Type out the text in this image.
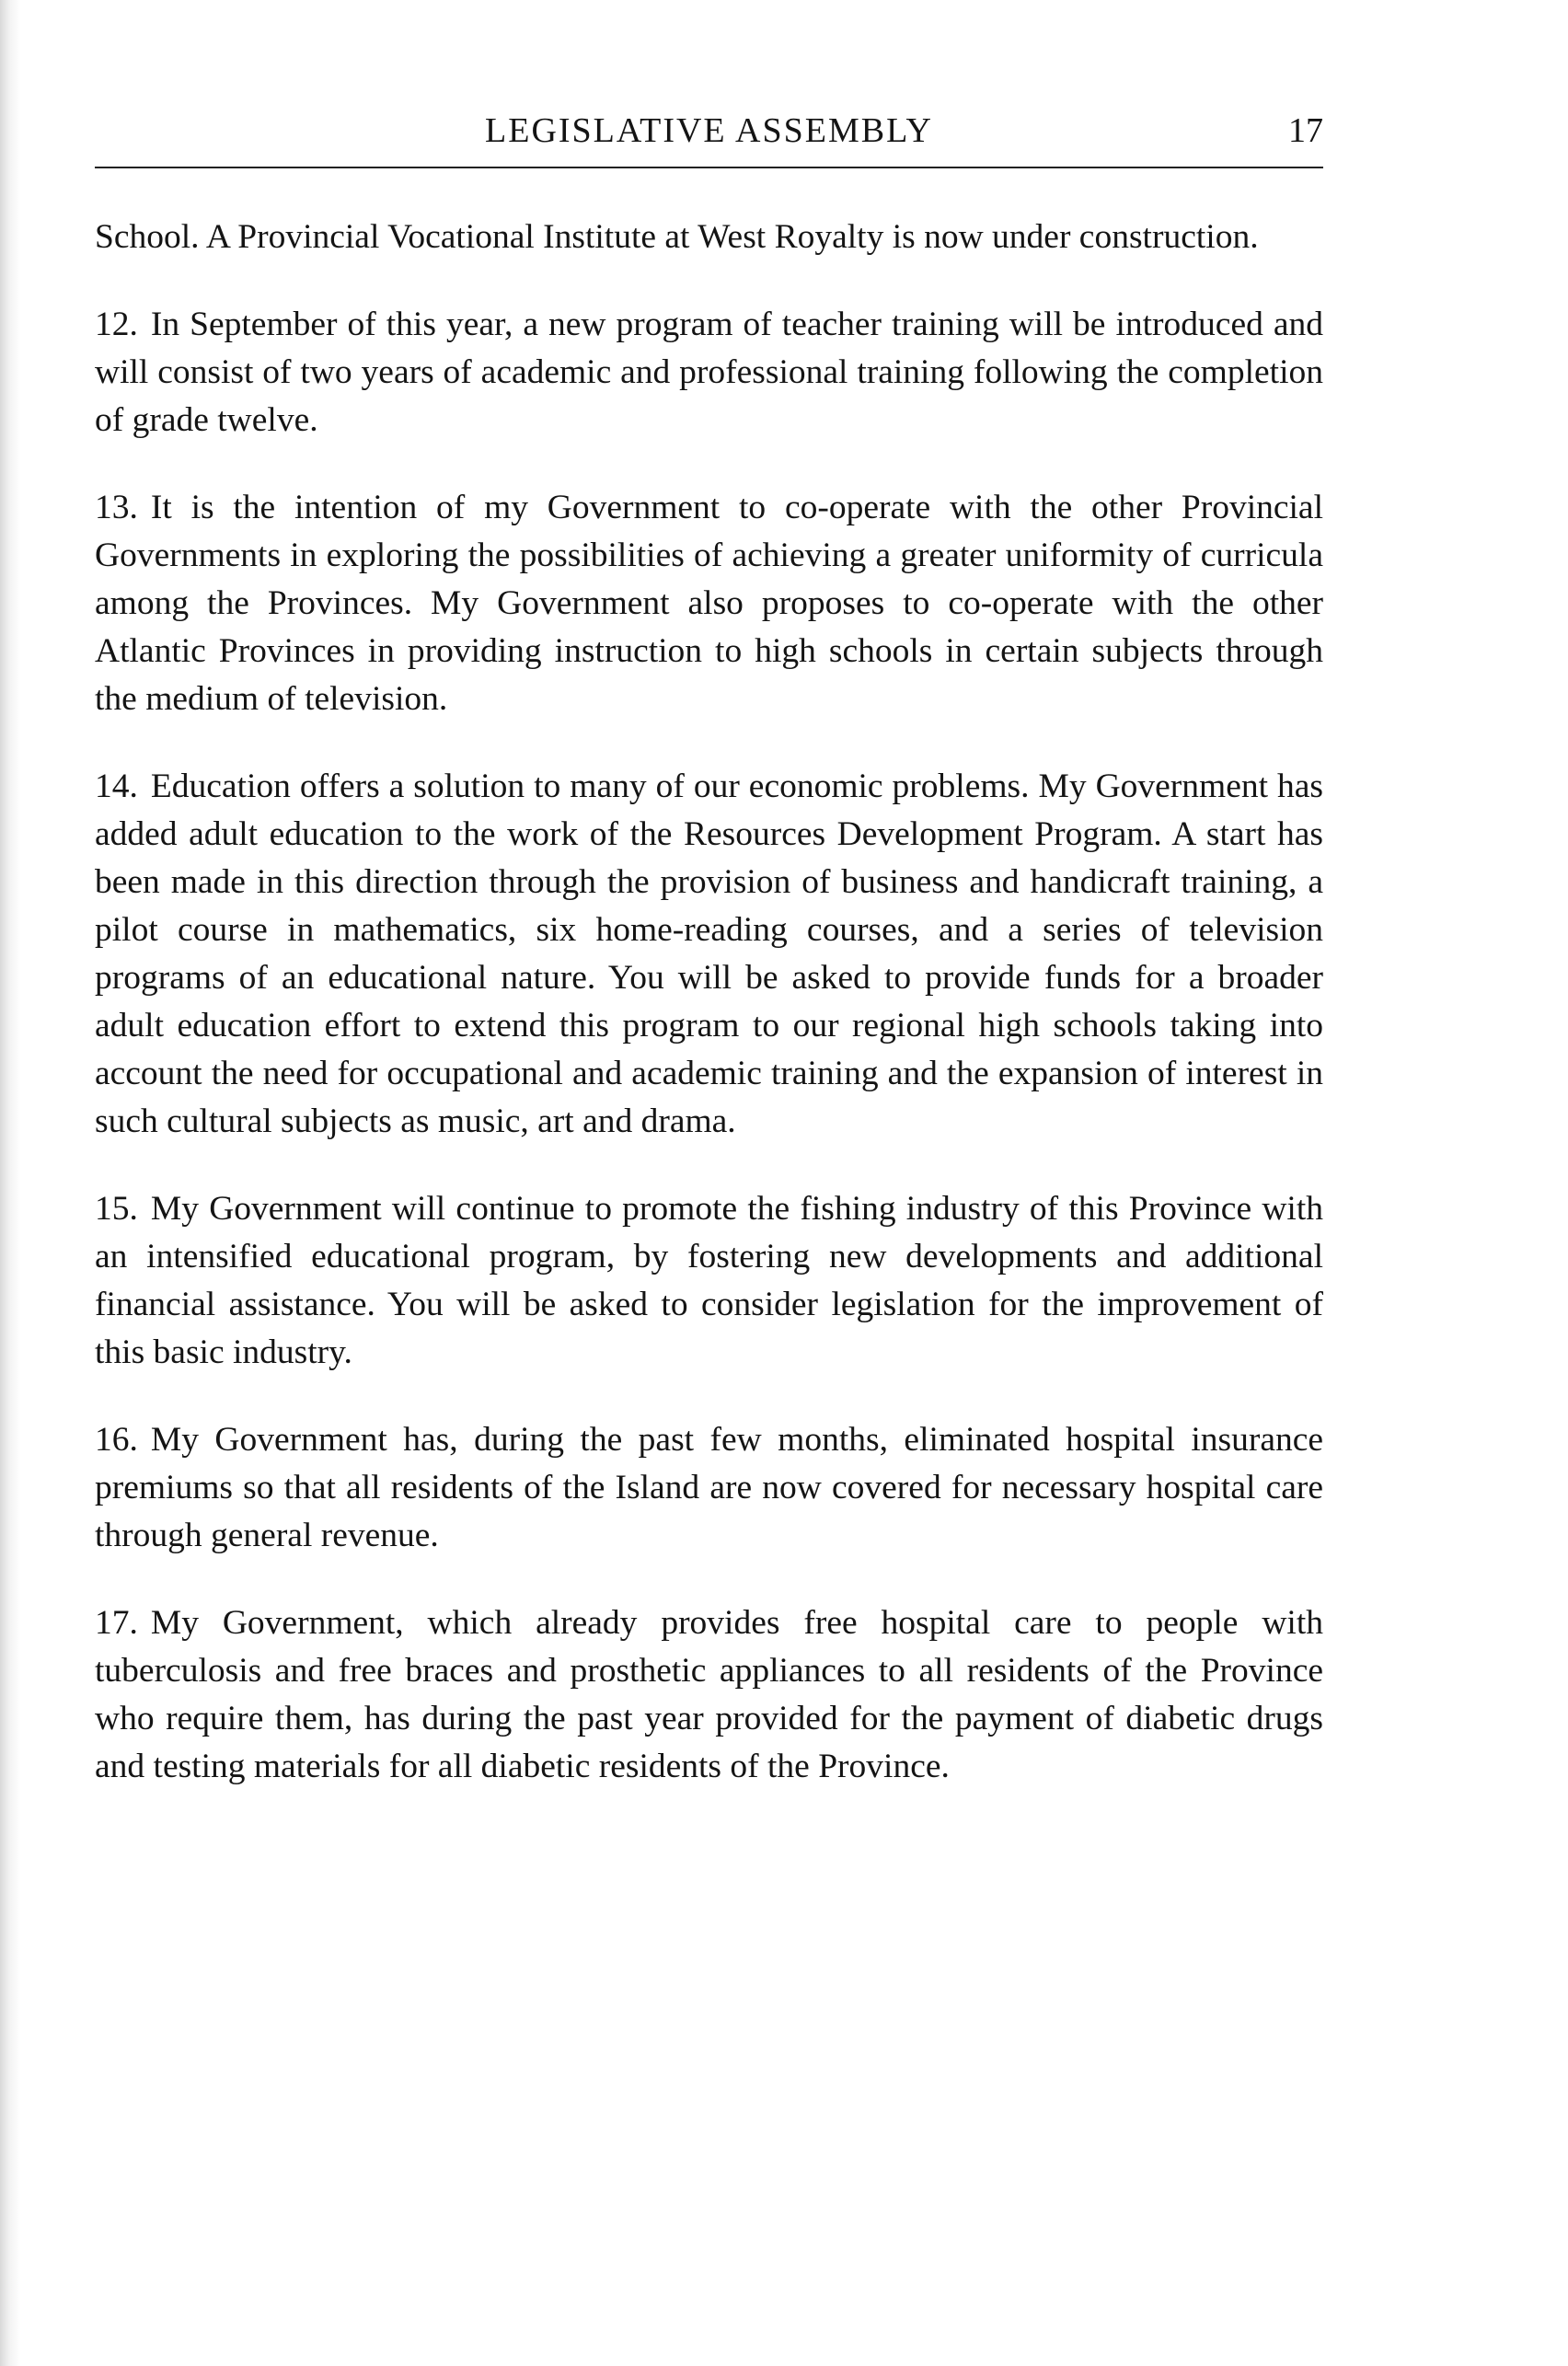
LEGISLATIVE ASSEMBLY	17

School. A Provincial Vocational Institute at West Royalty is now under construction.

12. In September of this year, a new program of teacher training will be introduced and will consist of two years of academic and professional training following the completion of grade twelve.

13. It is the intention of my Government to co-operate with the other Provincial Governments in exploring the possibilities of achieving a greater uniformity of curricula among the Provinces. My Government also proposes to co-operate with the other Atlantic Provinces in providing instruction to high schools in certain subjects through the medium of television.

14. Education offers a solution to many of our economic problems. My Government has added adult education to the work of the Resources Development Program. A start has been made in this direction through the provision of business and handicraft training, a pilot course in mathematics, six home-reading courses, and a series of television programs of an educational nature. You will be asked to provide funds for a broader adult education effort to extend this program to our regional high schools taking into account the need for occupational and academic training and the expansion of interest in such cultural subjects as music, art and drama.

15. My Government will continue to promote the fishing industry of this Province with an intensified educational program, by fostering new developments and additional financial assistance. You will be asked to consider legislation for the improvement of this basic industry.

16. My Government has, during the past few months, eliminated hospital insurance premiums so that all residents of the Island are now covered for necessary hospital care through general revenue.

17. My Government, which already provides free hospital care to people with tuberculosis and free braces and prosthetic appliances to all residents of the Province who require them, has during the past year provided for the payment of diabetic drugs and testing materials for all diabetic residents of the Province.
